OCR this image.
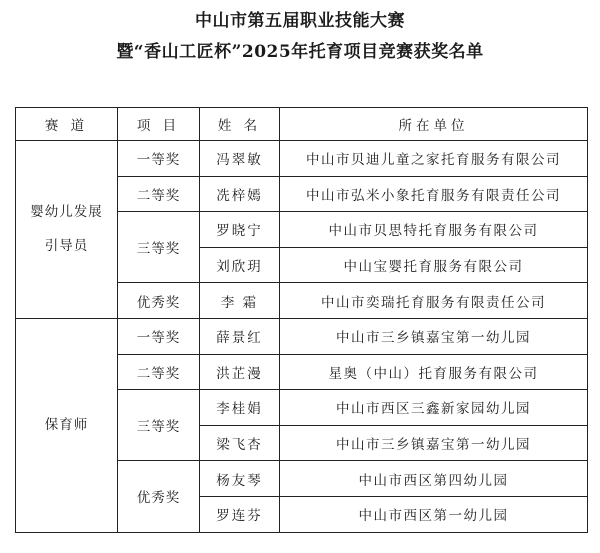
中山市第五届职业技能大赛
暨“香山工匠杯”2025年托育项目竞赛获奖名单
赛 道	项 目	姓 名	所在单位

婴幼儿发展
引导员	一等奖	冯翠敏	中山市贝迪儿童之家托育服务有限公司
	二等奖	冼梓嫣	中山市弘米小象托育服务有限责任公司
	三等奖	罗晓宁	中山市贝思特托育服务有限公司
		刘欣玥	中山宝婴托育服务有限公司
	优秀奖	李 霜	中山市奕瑞托育服务有限责任公司

保育师	一等奖	薛景红	中山市三乡镇嘉宝第一幼儿园
	二等奖	洪芷漫	星奥（中山）托育服务有限公司
	三等奖	李桂娟	中山市西区三鑫新家园幼儿园
		梁飞杏	中山市三乡镇嘉宝第一幼儿园
	优秀奖	杨友琴	中山市西区第四幼儿园
		罗连芬	中山市西区第一幼儿园
